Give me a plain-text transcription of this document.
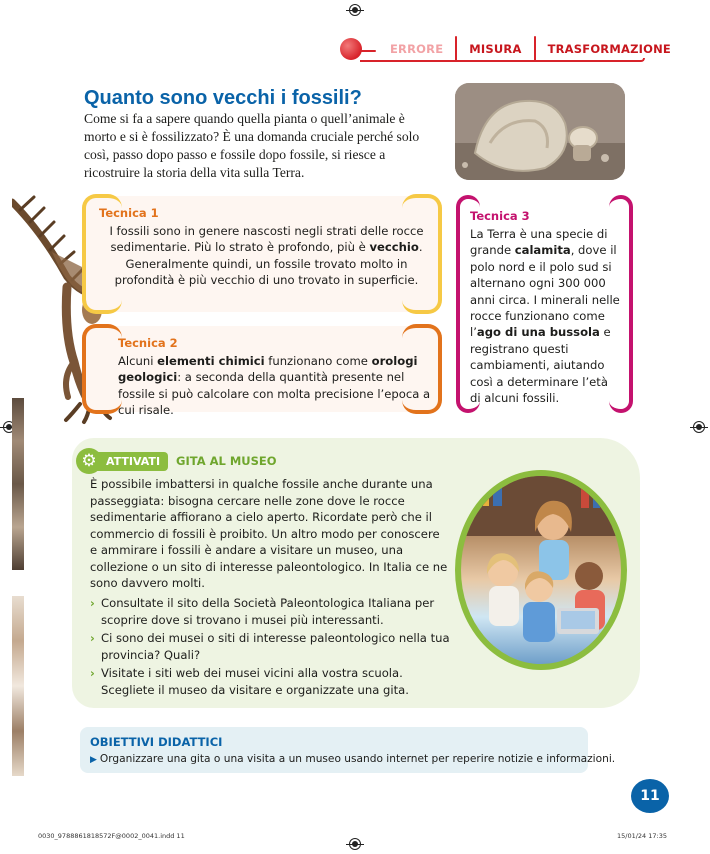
ERRORE	MISURA	TRASFORMAZIONE
Quanto sono vecchi i fossili?

Come si fa a sapere quando quella pianta o quell’animale è morto e si è fossilizzato? È una domanda cruciale perché solo così, passo dopo passo e fossile dopo fossile, si riesce a ricostruire la storia della vita sulla Terra.

Tecnica 1
I fossili sono in genere nascosti negli strati delle rocce sedimentarie. Più lo strato è profondo, più è vecchio. Generalmente quindi, un fossile trovato molto in profondità è più vecchio di uno trovato in superficie.
Tecnica 2
Alcuni elementi chimici funzionano come orologi geologici: a seconda della quantità presente nel fossile si può calcolare con molta precisione l’epoca a cui risale.
Tecnica 3
La Terra è una specie di grande calamita, dove il polo nord e il polo sud si alternano ogni 300 000 anni circa. I minerali nelle rocce funzionano come l’ago di una bussola e registrano questi cambiamenti, aiutando così a determinare l’età di alcuni fossili.
⚙ ATTIVATI	GITA AL MUSEO

È possibile imbattersi in qualche fossile anche durante una passeggiata: bisogna cercare nelle zone dove le rocce sedimentarie affiorano a cielo aperto. Ricordate però che il commercio di fossili è proibito. Un altro modo per conoscere e ammirare i fossili è andare a visitare un museo, una collezione o un sito di interesse paleontologico. In Italia ce ne sono davvero molti.

› Consultate il sito della Società Paleontologica Italiana per scoprire dove si trovano i musei più interessanti.
› Ci sono dei musei o siti di interesse paleontologico nella tua provincia? Quali?
› Visitate i siti web dei musei vicini alla vostra scuola. Scegliete il museo da visitare e organizzate una gita.
OBIETTIVI DIDATTICI
▶ Organizzare una gita o una visita a un museo usando internet per reperire notizie e informazioni.
11
0030_9788861818572F@0002_0041.indd 11	15/01/24 17:35
